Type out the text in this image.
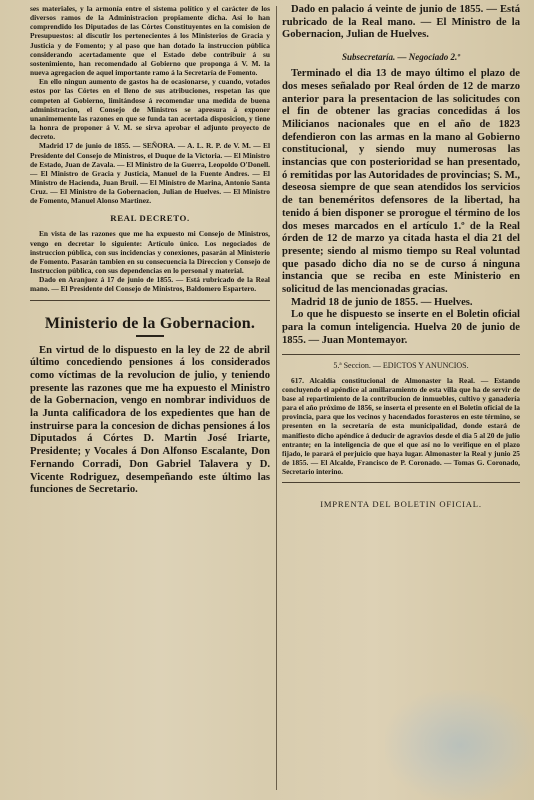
ses materiales, y la armonía entre el sistema político y el carácter de los diversos ramos de la Administracion propiamente dicha. Así lo han comprendido los Diputados de las Córtes Constituyentes en la comision de Presupuestos: al discutir los pertenecientes á los Ministerios de Gracia y Justicia y de Fomento; y al paso que han dotado la instruccion pública considerando acertadamente que el Estado debe contribuir á su sostenimiento, han recomendado al Gobierno que proponga á V. M. la nueva agregacion de aquel importante ramo á la Secretaría de Fomento.

En ello ningun aumento de gastos ha de ocasionarse, y cuando, votados estos por las Córtes en el lleno de sus atribuciones, respetan las que competen al Gobierno, limitándose á recomendar una medida de buena administracion, el Consejo de Ministros se apresura á exponer unanimemente las razones en que se funda tan acertada disposicion, y tiene la honra de proponer á V. M. se sirva aprobar el adjunto proyecto de decreto.

Madrid 17 de junio de 1855. — SEÑORA. — A. L. R. P. de V. M. — El Presidente del Consejo de Ministros, el Duque de la Victoria. — El Ministro de Estado, Juan de Zavala. — El Ministro de la Guerra, Leopoldo O'Donell. — El Ministro de Gracia y Justicia, Manuel de la Fuente Andres. — El Ministro de Hacienda, Juan Bruil. — El Ministro de Marina, Antonio Santa Cruz. — El Ministro de la Gobernacion, Julian de Huelves. — El Ministro de Fomento, Manuel Alonso Martinez.

REAL DECRETO.

En vista de las razones que me ha expuesto mi Consejo de Ministros, vengo en decretar lo siguiente: Artículo único. Los negociados de instruccion pública, con sus incidencias y conexiones, pasarán al Ministerio de Fomento. Pasarán tambien en su consecuencia la Direccion y Consejo de Instruccion pública, con sus dependencias en lo personal y material.

Dado en Aranjuez á 17 de junio de 1855. — Está rubricado de la Real mano. — El Presidente del Consejo de Ministros, Baldomero Espartero.

Ministerio de la Gobernacion.

En virtud de lo dispuesto en la ley de 22 de abril último concediendo pensiones á los considerados como víctimas de la revolucion de julio, y teniendo presente las razones que me ha expuesto el Ministro de la Gobernacion, vengo en nombrar individuos de la Junta calificadora de los expedientes que han de instruirse para la concesion de dichas pensiones á los Diputados á Córtes D. Martin José Iriarte, Presidente; y Vocales á Don Alfonso Escalante, Don Fernando Corradi, Don Gabriel Talavera y D. Vicente Rodriguez, desempeñando este último las funciones de Secretario.

Dado en palacio á veinte de junio de 1855. — Está rubricado de la Real mano. — El Ministro de la Gobernacion, Julian de Huelves.

Subsecretaría. — Negociado 2.º

Terminado el dia 13 de mayo último el plazo de dos meses señalado por Real órden de 12 de marzo anterior para la presentacion de las solicitudes con el fin de obtener las gracias concedidas á los Milicianos nacionales que en el año de 1823 defendieron con las armas en la mano al Gobierno constitucional, y siendo muy numerosas las instancias que con posterioridad se han presentado, ó remitidas por las Autoridades de provincias; S. M., deseosa siempre de que sean atendidos los servicios de tan beneméritos defensores de la libertad, ha tenido á bien disponer se prorogue el término de los dos meses marcados en el artículo 1.º de la Real órden de 12 de marzo ya citada hasta el dia 21 del presente; siendo al mismo tiempo su Real voluntad que pasado dicho dia no se de curso á ninguna instancia que se reciba en este Ministerio en solicitud de las mencionadas gracias.

Madrid 18 de junio de 1855. — Huelves.

Lo que he dispuesto se inserte en el Boletin oficial para la comun inteligencia. Huelva 20 de junio de 1855. — Juan Montemayor.

5.ª Seccion. — EDICTOS Y ANUNCIOS.

617. Alcaldía constitucional de Almonaster la Real. — Estando concluyendo el apéndice al amillaramiento de esta villa que ha de servir de base al repartimiento de la contribucion de inmuebles, cultivo y ganadería para el año próximo de 1856, se inserta el presente en el Boletin oficial de la provincia, para que los vecinos y hacendados forasteros en este término, se presenten en la secretaría de esta municipalidad, donde estará de manifiesto dicho apéndice á deducir de agravios desde el dia 5 al 20 de julio entrante; en la inteligencia de que el que así no lo verifique en el plazo fijado, le parará el perjuicio que haya lugar. Almonaster la Real y junio 25 de 1855. — El Alcalde, Francisco de P. Coronado. — Tomas G. Coronado, Secretario interino.

IMPRENTA DEL BOLETIN OFICIAL.
